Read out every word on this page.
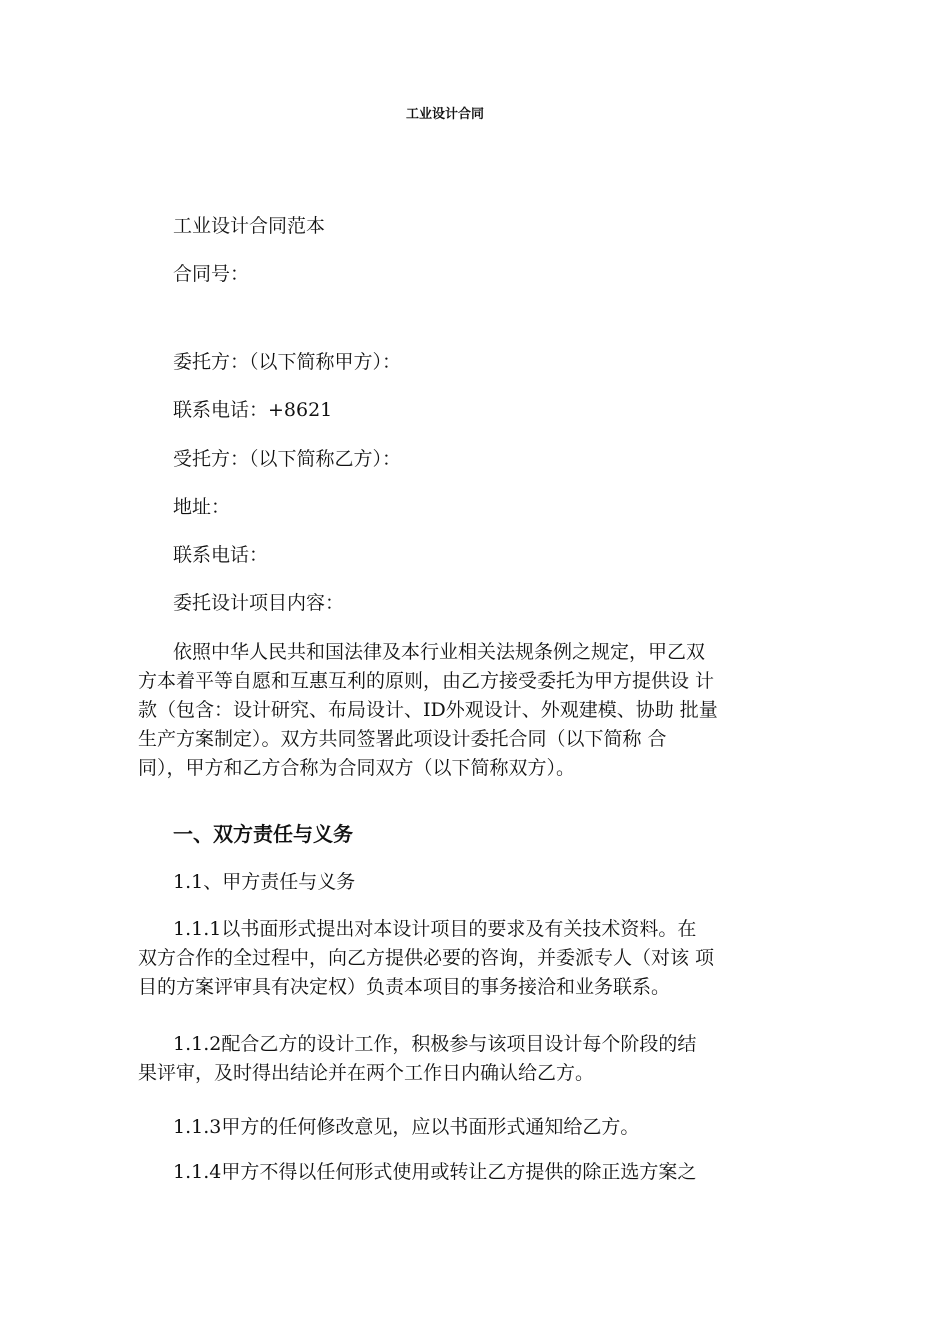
工业设计合同
工业设计合同范本
合同号：
委托方：（以下简称甲方）：
联系电话：+8621
受托方：（以下简称乙方）：
地址：
联系电话：
委托设计项目内容：
依照中华人民共和国法律及本行业相关法规条例之规定，甲乙双
方本着平等自愿和互惠互利的原则，由乙方接受委托为甲方提供设 计
款（包含：设计研究、布局设计、ID外观设计、外观建模、协助 批量
生产方案制定）。双方共同签署此项设计委托合同（以下简称 合
同），甲方和乙方合称为合同双方（以下简称双方）。
一、双方责任与义务
1.1、甲方责任与义务
1.1.1以书面形式提出对本设计项目的要求及有关技术资料。在
双方合作的全过程中，向乙方提供必要的咨询，并委派专人（对该 项
目的方案评审具有决定权）负责本项目的事务接洽和业务联系。
1.1.2配合乙方的设计工作，积极参与该项目设计每个阶段的结
果评审，及时得出结论并在两个工作日内确认给乙方。
1.1.3甲方的任何修改意见，应以书面形式通知给乙方。
1.1.4甲方不得以任何形式使用或转让乙方提供的除正选方案之
